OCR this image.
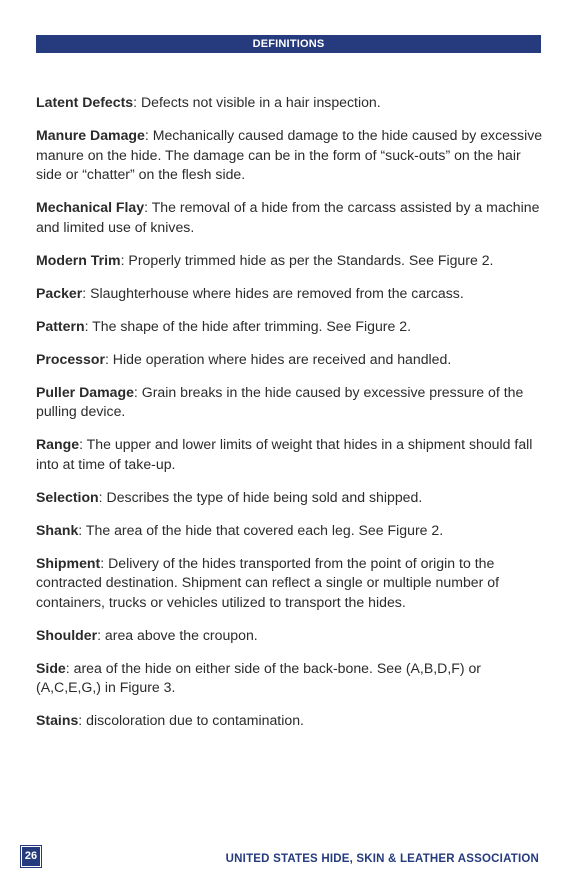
DEFINITIONS

Latent Defects: Defects not visible in a hair inspection.

Manure Damage: Mechanically caused damage to the hide caused by excessive manure on the hide. The damage can be in the form of “suck-outs” on the hair side or “chatter” on the flesh side.

Mechanical Flay: The removal of a hide from the carcass assisted by a machine and limited use of knives.

Modern Trim: Properly trimmed hide as per the Standards. See Figure 2.

Packer: Slaughterhouse where hides are removed from the carcass.

Pattern: The shape of the hide after trimming. See Figure 2.

Processor: Hide operation where hides are received and handled.

Puller Damage: Grain breaks in the hide caused by excessive pressure of the pulling device.

Range: The upper and lower limits of weight that hides in a shipment should fall into at time of take-up.

Selection: Describes the type of hide being sold and shipped.

Shank: The area of the hide that covered each leg. See Figure 2.

Shipment: Delivery of the hides transported from the point of origin to the contracted destination. Shipment can reflect a single or multiple number of containers, trucks or vehicles utilized to transport the hides.

Shoulder: area above the croupon.

Side: area of the hide on either side of the back-bone. See (A,B,D,F) or (A,C,E,G,) in Figure 3.

Stains: discoloration due to contamination.

26	UNITED STATES HIDE, SKIN & LEATHER ASSOCIATION
